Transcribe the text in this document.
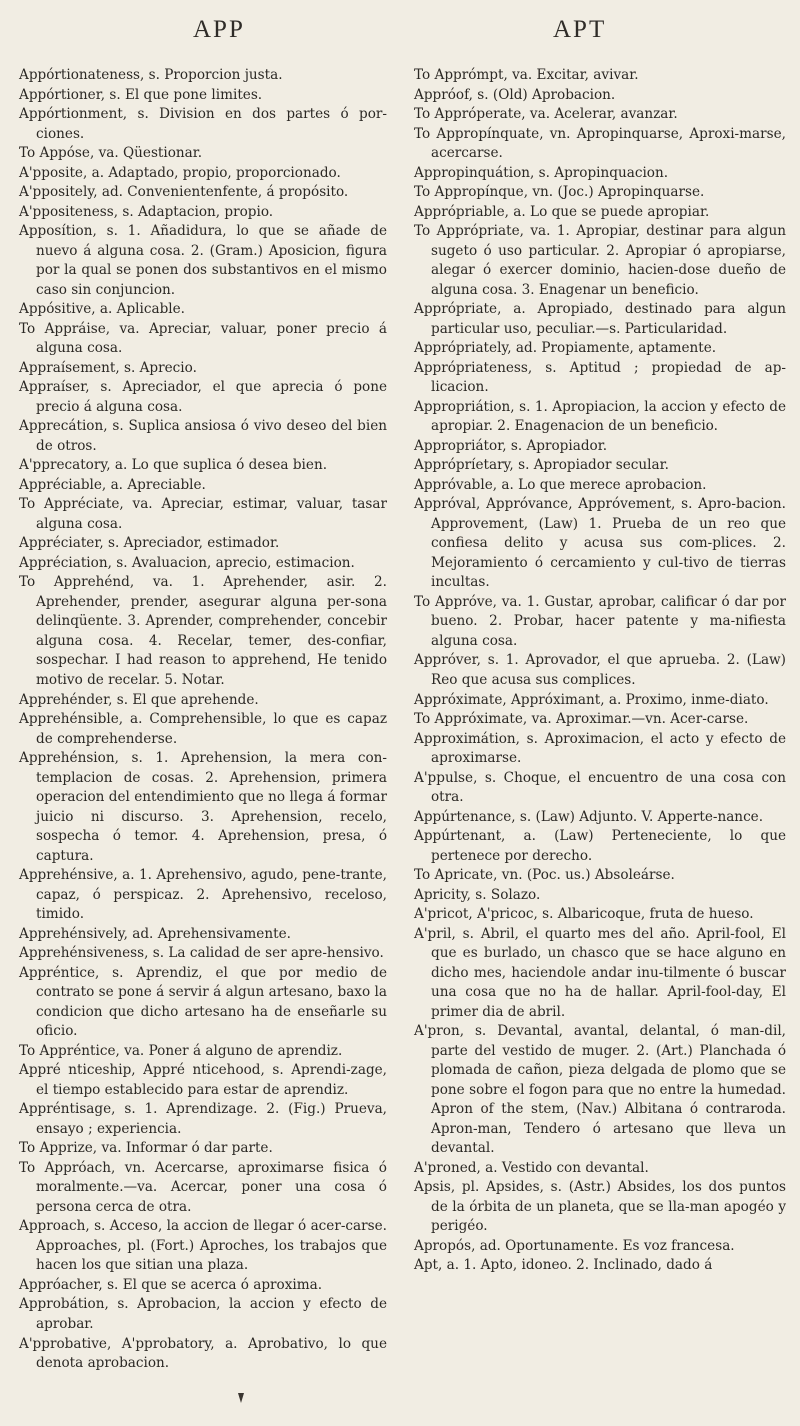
APP	APT

Appórtionateness, s. Proporcion justa.

Appórtioner, s. El que pone limites.

Appórtionment, s. Division en dos partes ó por-ciones.

To Appóse, va. Qüestionar.

A'pposite, a. Adaptado, propio, proporcionado.

A'ppositely, ad. Convenientenfente, á propósito.

A'ppositeness, s. Adaptacion, propio.

Apposítion, s. 1. Añadidura, lo que se añade de nuevo á alguna cosa. 2. (Gram.) Aposicion, figura por la qual se ponen dos substantivos en el mismo caso sin conjuncion.

Appósitive, a. Aplicable.

To Appráise, va. Apreciar, valuar, poner precio á alguna cosa.

Appraísement, s. Aprecio.

Appraíser, s. Apreciador, el que aprecia ó pone precio á alguna cosa.

Apprecátion, s. Suplica ansiosa ó vivo deseo del bien de otros.

A'pprecatory, a. Lo que suplica ó desea bien.

Appréciable, a. Apreciable.

To Appréciate, va. Apreciar, estimar, valuar, tasar alguna cosa.

Appréciater, s. Apreciador, estimador.

Appréciation, s. Avaluacion, aprecio, estimacion.

To Apprehénd, va. 1. Aprehender, asir. 2. Aprehender, prender, asegurar alguna per-sona delinqüente. 3. Aprender, comprehender, concebir alguna cosa. 4. Recelar, temer, des-confiar, sospechar. I had reason to apprehend, He tenido motivo de recelar. 5. Notar.

Apprehénder, s. El que aprehende.

Apprehénsible, a. Comprehensible, lo que es capaz de comprehenderse.

Apprehénsion, s. 1. Aprehension, la mera con-templacion de cosas. 2. Aprehension, primera operacion del entendimiento que no llega á formar juicio ni discurso. 3. Aprehension, recelo, sospecha ó temor. 4. Aprehension, presa, ó captura.

Apprehénsive, a. 1. Aprehensivo, agudo, pene-trante, capaz, ó perspicaz. 2. Aprehensivo, receloso, timido.

Apprehénsively, ad. Aprehensivamente.

Apprehénsiveness, s. La calidad de ser apre-hensivo.

Appréntice, s. Aprendiz, el que por medio de contrato se pone á servir á algun artesano, baxo la condicion que dicho artesano ha de enseñarle su oficio.

To Appréntice, va. Poner á alguno de aprendiz.

Appré nticeship, Appré nticehood, s. Aprendi-zage, el tiempo establecido para estar de aprendiz.

Appréntisage, s. 1. Aprendizage. 2. (Fig.) Prueva, ensayo ; experiencia.

To Apprize, va. Informar ó dar parte.

To Appróach, vn. Acercarse, aproximarse fisica ó moralmente.—va. Acercar, poner una cosa ó persona cerca de otra.

Approach, s. Acceso, la accion de llegar ó acer-carse. Approaches, pl. (Fort.) Aproches, los trabajos que hacen los que sitian una plaza.

Appróacher, s. El que se acerca ó aproxima.

Approbátion, s. Aprobacion, la accion y efecto de aprobar.

A'pprobative, A'pprobatory, a. Aprobativo, lo que denota aprobacion.

To Apprómpt, va. Excitar, avivar.

Appróof, s. (Old) Aprobacion.

To Appróperate, va. Acelerar, avanzar.

To Appropínquate, vn. Apropinquarse, Aproxi-marse, acercarse.

Appropinquátion, s. Apropinquacion.

To Appropínque, vn. (Joc.) Apropinquarse.

Apprópriable, a. Lo que se puede apropiar.

To Apprópriate, va. 1. Apropiar, destinar para algun sugeto ó uso particular. 2. Apropiar ó apropiarse, alegar ó exercer dominio, hacien-dose dueño de alguna cosa. 3. Enagenar un beneficio.

Apprópriate, a. Apropiado, destinado para algun particular uso, peculiar.—s. Particularidad.

Apprópriately, ad. Propiamente, aptamente.

Apprópriateness, s. Aptitud ; propiedad de ap-licacion.

Appropriátion, s. 1. Apropiacion, la accion y efecto de apropiar. 2. Enagenacion de un beneficio.

Appropriátor, s. Apropiador.

Apprópríetary, s. Apropiador secular.

Appróvable, a. Lo que merece aprobacion.

Appróval, Appróvance, Appróvement, s. Apro-bacion. Approvement, (Law) 1. Prueba de un reo que confiesa delito y acusa sus com-plices. 2. Mejoramiento ó cercamiento y cul-tivo de tierras incultas.

To Appróve, va. 1. Gustar, aprobar, calificar ó dar por bueno. 2. Probar, hacer patente y ma-nifiesta alguna cosa.

Appróver, s. 1. Aprovador, el que aprueba. 2. (Law) Reo que acusa sus complices.

Appróximate, Appróximant, a. Proximo, inme-diato.

To Appróximate, va. Aproximar.—vn. Acer-carse.

Approximátion, s. Aproximacion, el acto y efecto de aproximarse.

A'ppulse, s. Choque, el encuentro de una cosa con otra.

Appúrtenance, s. (Law) Adjunto. V. Apperte-nance.

Appúrtenant, a. (Law) Perteneciente, lo que pertenece por derecho.

To Apricate, vn. (Poc. us.) Absoleárse.

Apricity, s. Solazo.

A'pricot, A'pricoc, s. Albaricoque, fruta de hueso.

A'pril, s. Abril, el quarto mes del año. April-fool, El que es burlado, un chasco que se hace alguno en dicho mes, haciendole andar inu-tilmente ó buscar una cosa que no ha de hallar. April-fool-day, El primer dia de abril.

A'pron, s. Devantal, avantal, delantal, ó man-dil, parte del vestido de muger. 2. (Art.) Planchada ó plomada de cañon, pieza delgada de plomo que se pone sobre el fogon para que no entre la humedad. Apron of the stem, (Nav.) Albitana ó contraroda. Apron-man, Tendero ó artesano que lleva un devantal.

A'proned, a. Vestido con devantal.

Apsis, pl. Apsides, s. (Astr.) Absides, los dos puntos de la órbita de un planeta, que se lla-man apogéo y perigéo.

Apropós, ad. Oportunamente. Es voz francesa.

Apt, a. 1. Apto, idoneo. 2. Inclinado, dado á
